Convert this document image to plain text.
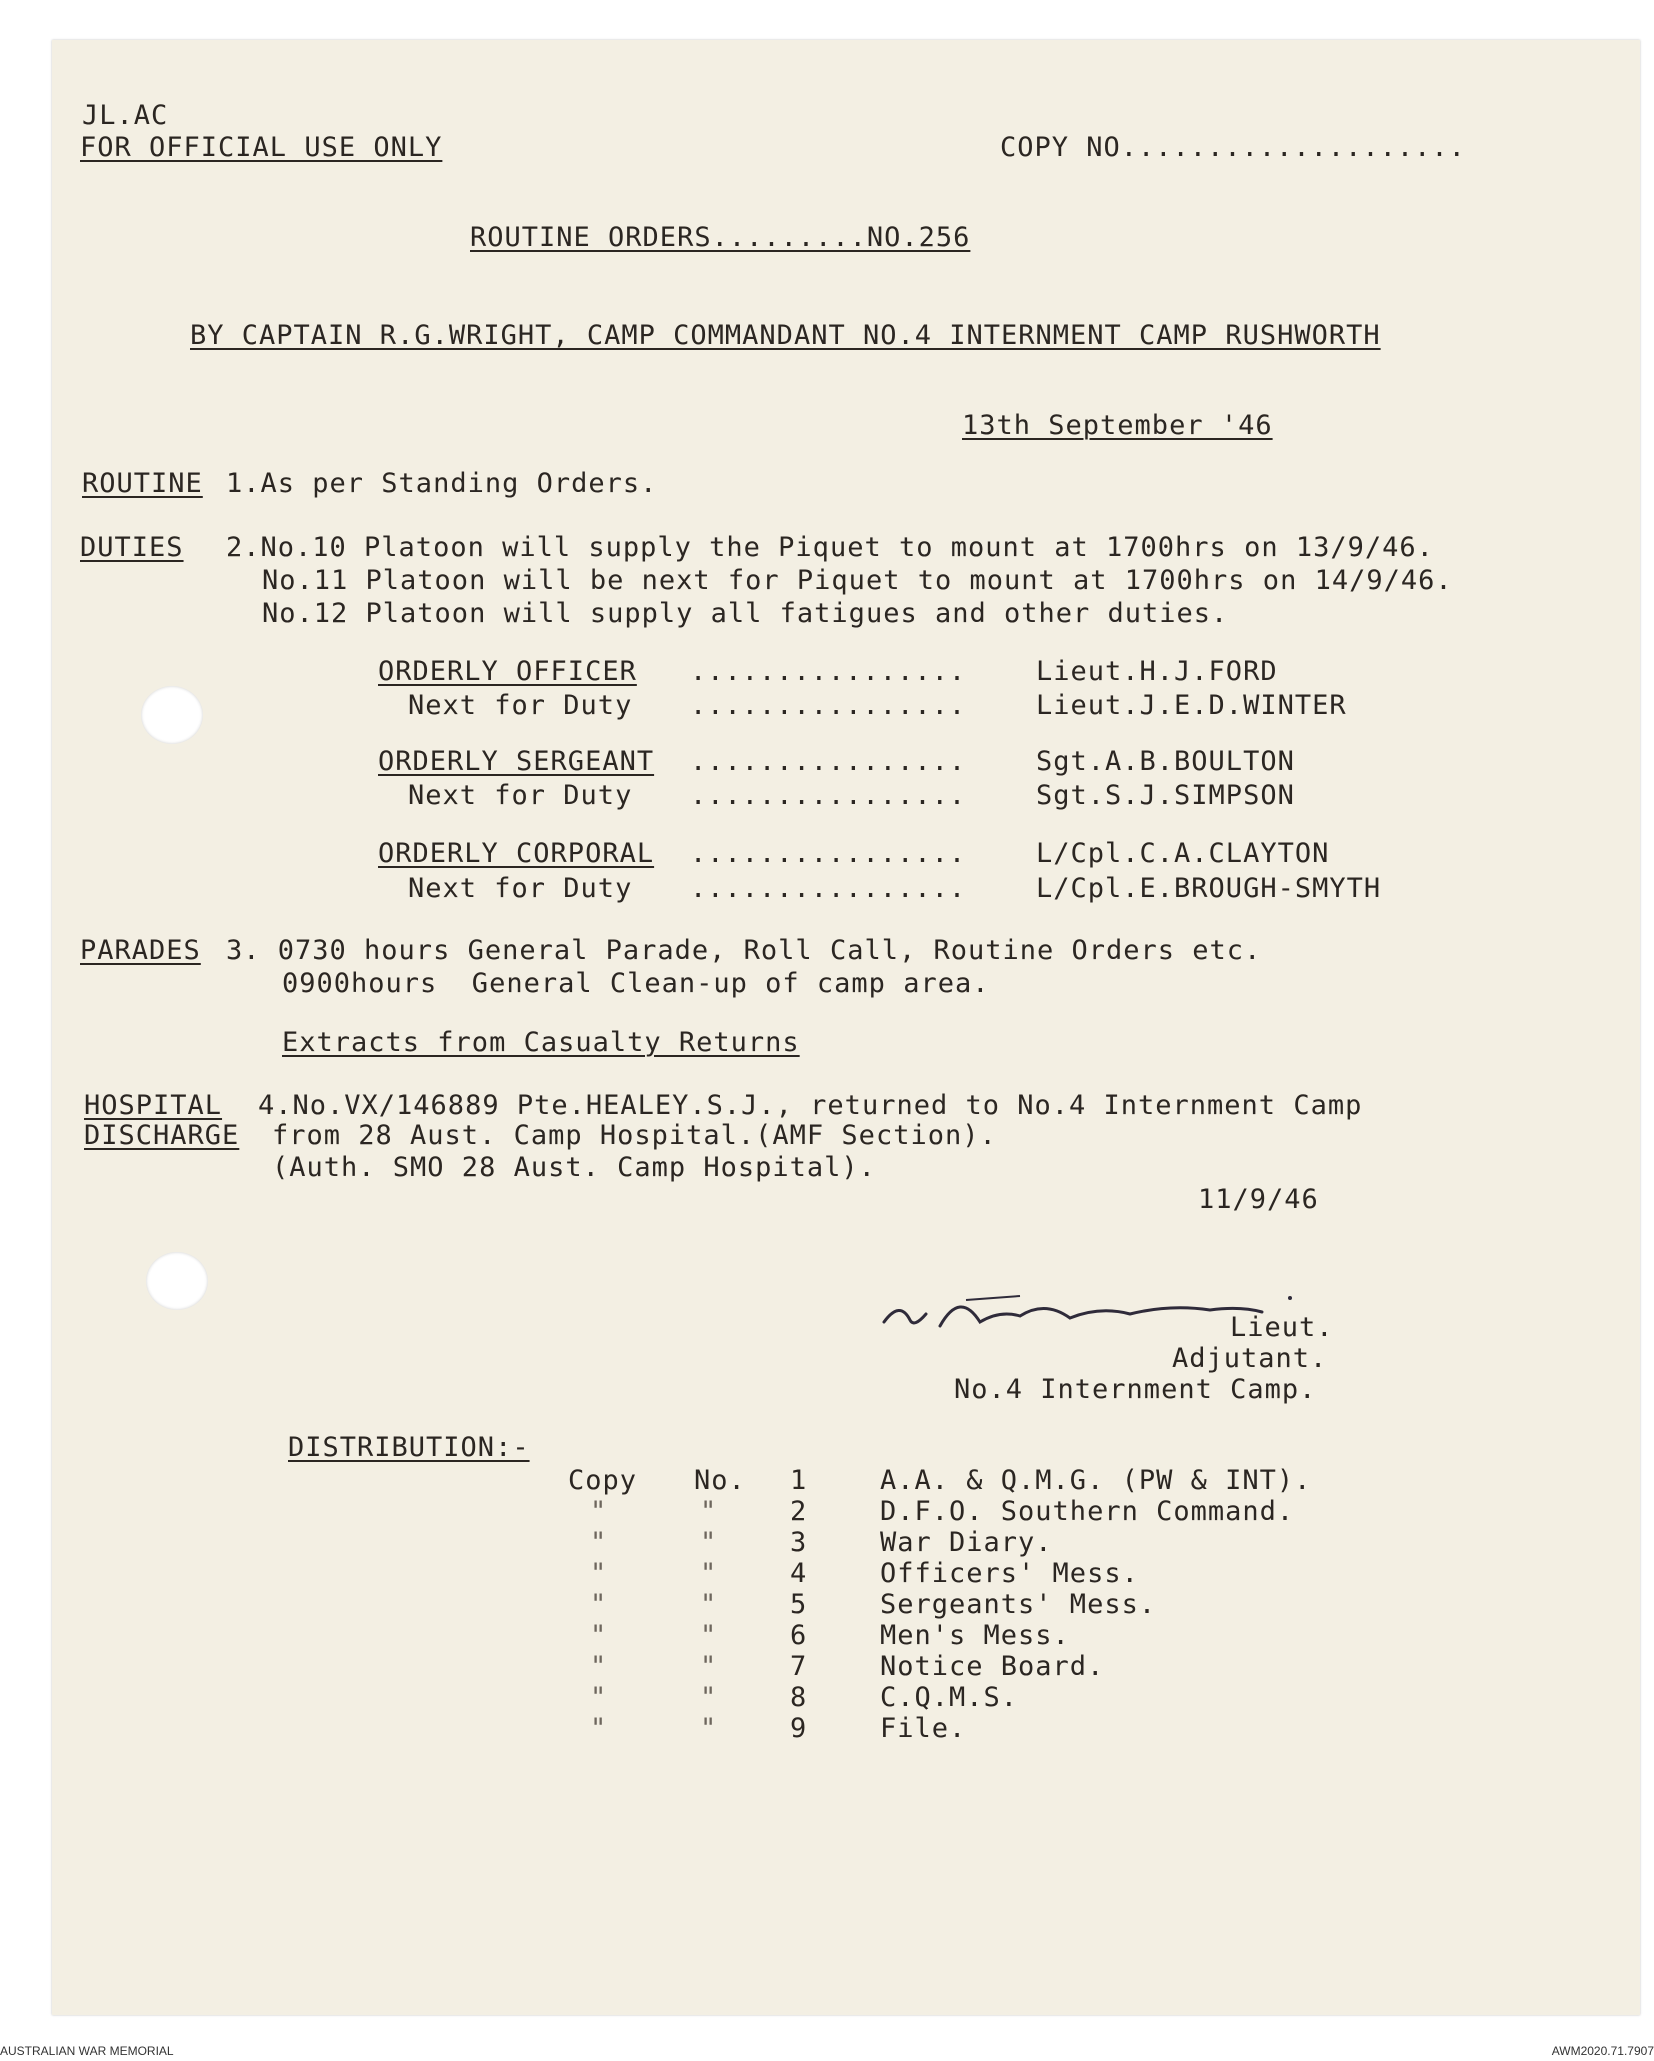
JL.AC
FOR OFFICIAL USE ONLY	COPY NO....................
ROUTINE ORDERS.........NO.256
BY CAPTAIN R.G.WRIGHT, CAMP COMMANDANT NO.4 INTERNMENT CAMP RUSHWORTH
13th September '46
ROUTINE 1.As per Standing Orders.
DUTIES 2.No.10 Platoon will supply the Piquet to mount at 1700hrs on 13/9/46.
No.11 Platoon will be next for Piquet to mount at 1700hrs on 14/9/46.
No.12 Platoon will supply all fatigues and other duties.
ORDERLY OFFICER ................	Lieut.H.J.FORD
Next for Duty ................	Lieut.J.E.D.WINTER
ORDERLY SERGEANT ................	Sgt.A.B.BOULTON
Next for Duty ................	Sgt.S.J.SIMPSON
ORDERLY CORPORAL ................	L/Cpl.C.A.CLAYTON
Next for Duty ................	L/Cpl.E.BROUGH-SMYTH
PARADES 3. 0730 hours General Parade, Roll Call, Routine Orders etc.
0900hours  General Clean-up of camp area.
Extracts from Casualty Returns
HOSPITAL
DISCHARGE
4.No.VX/146889 Pte.HEALEY.S.J., returned to No.4 Internment Camp
from 28 Aust. Camp Hospital.(AMF Section).
(Auth. SMO 28 Aust. Camp Hospital).
11/9/46
Lieut.
Adjutant.
No.4 Internment Camp.
DISTRIBUTION:-
Copy No. 1	A.A. & Q.M.G. (PW & INT).
"	"	2	D.F.O. Southern Command.
"	"	3	War Diary.
"	"	4	Officers' Mess.
"	"	5	Sergeants' Mess.
"	"	6	Men's Mess.
"	"	7	Notice Board.
"	"	8	C.Q.M.S.
"	"	9	File.
AUSTRALIAN WAR MEMORIAL	AWM2020.71.7907
